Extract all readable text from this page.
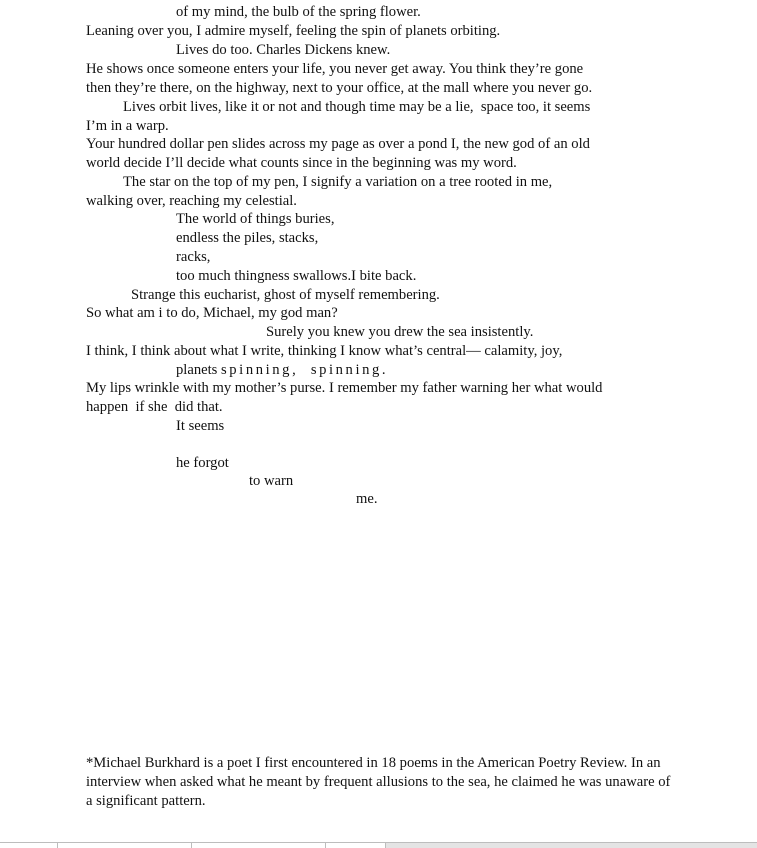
of my mind, the bulb of the spring flower.
Leaning over you, I admire myself, feeling the spin of planets orbiting.
Lives do too. Charles Dickens knew.
He shows once someone enters your life, you never get away. You think they’re gone
then they’re there, on the highway, next to your office, at the mall where you never go.
Lives orbit lives, like it or not and though time may be a lie,  space too, it seems
I’m in a warp.
Your hundred dollar pen slides across my page as over a pond I, the new god of an old
world decide I’ll decide what counts since in the beginning was my word.
The star on the top of my pen, I signify a variation on a tree rooted in me,
walking over, reaching my celestial.
The world of things buries,
endless the piles, stacks,
racks,
too much thingness swallows.I bite back.
Strange this eucharist, ghost of myself remembering.
So what am i to do, Michael, my god man?
Surely you knew you drew the sea insistently.
I think, I think about what I write, thinking I know what’s central— calamity, joy,
planets spinning,  spinning.
My lips wrinkle with my mother’s purse. I remember my father warning her what would
happen  if she  did that.
It seems

he forgot

to warn

me.

*Michael Burkhard is a poet I first encountered in 18 poems in the American Poetry Review. In an interview when asked what he meant by frequent allusions to the sea, he claimed he was unaware of a significant pattern.
